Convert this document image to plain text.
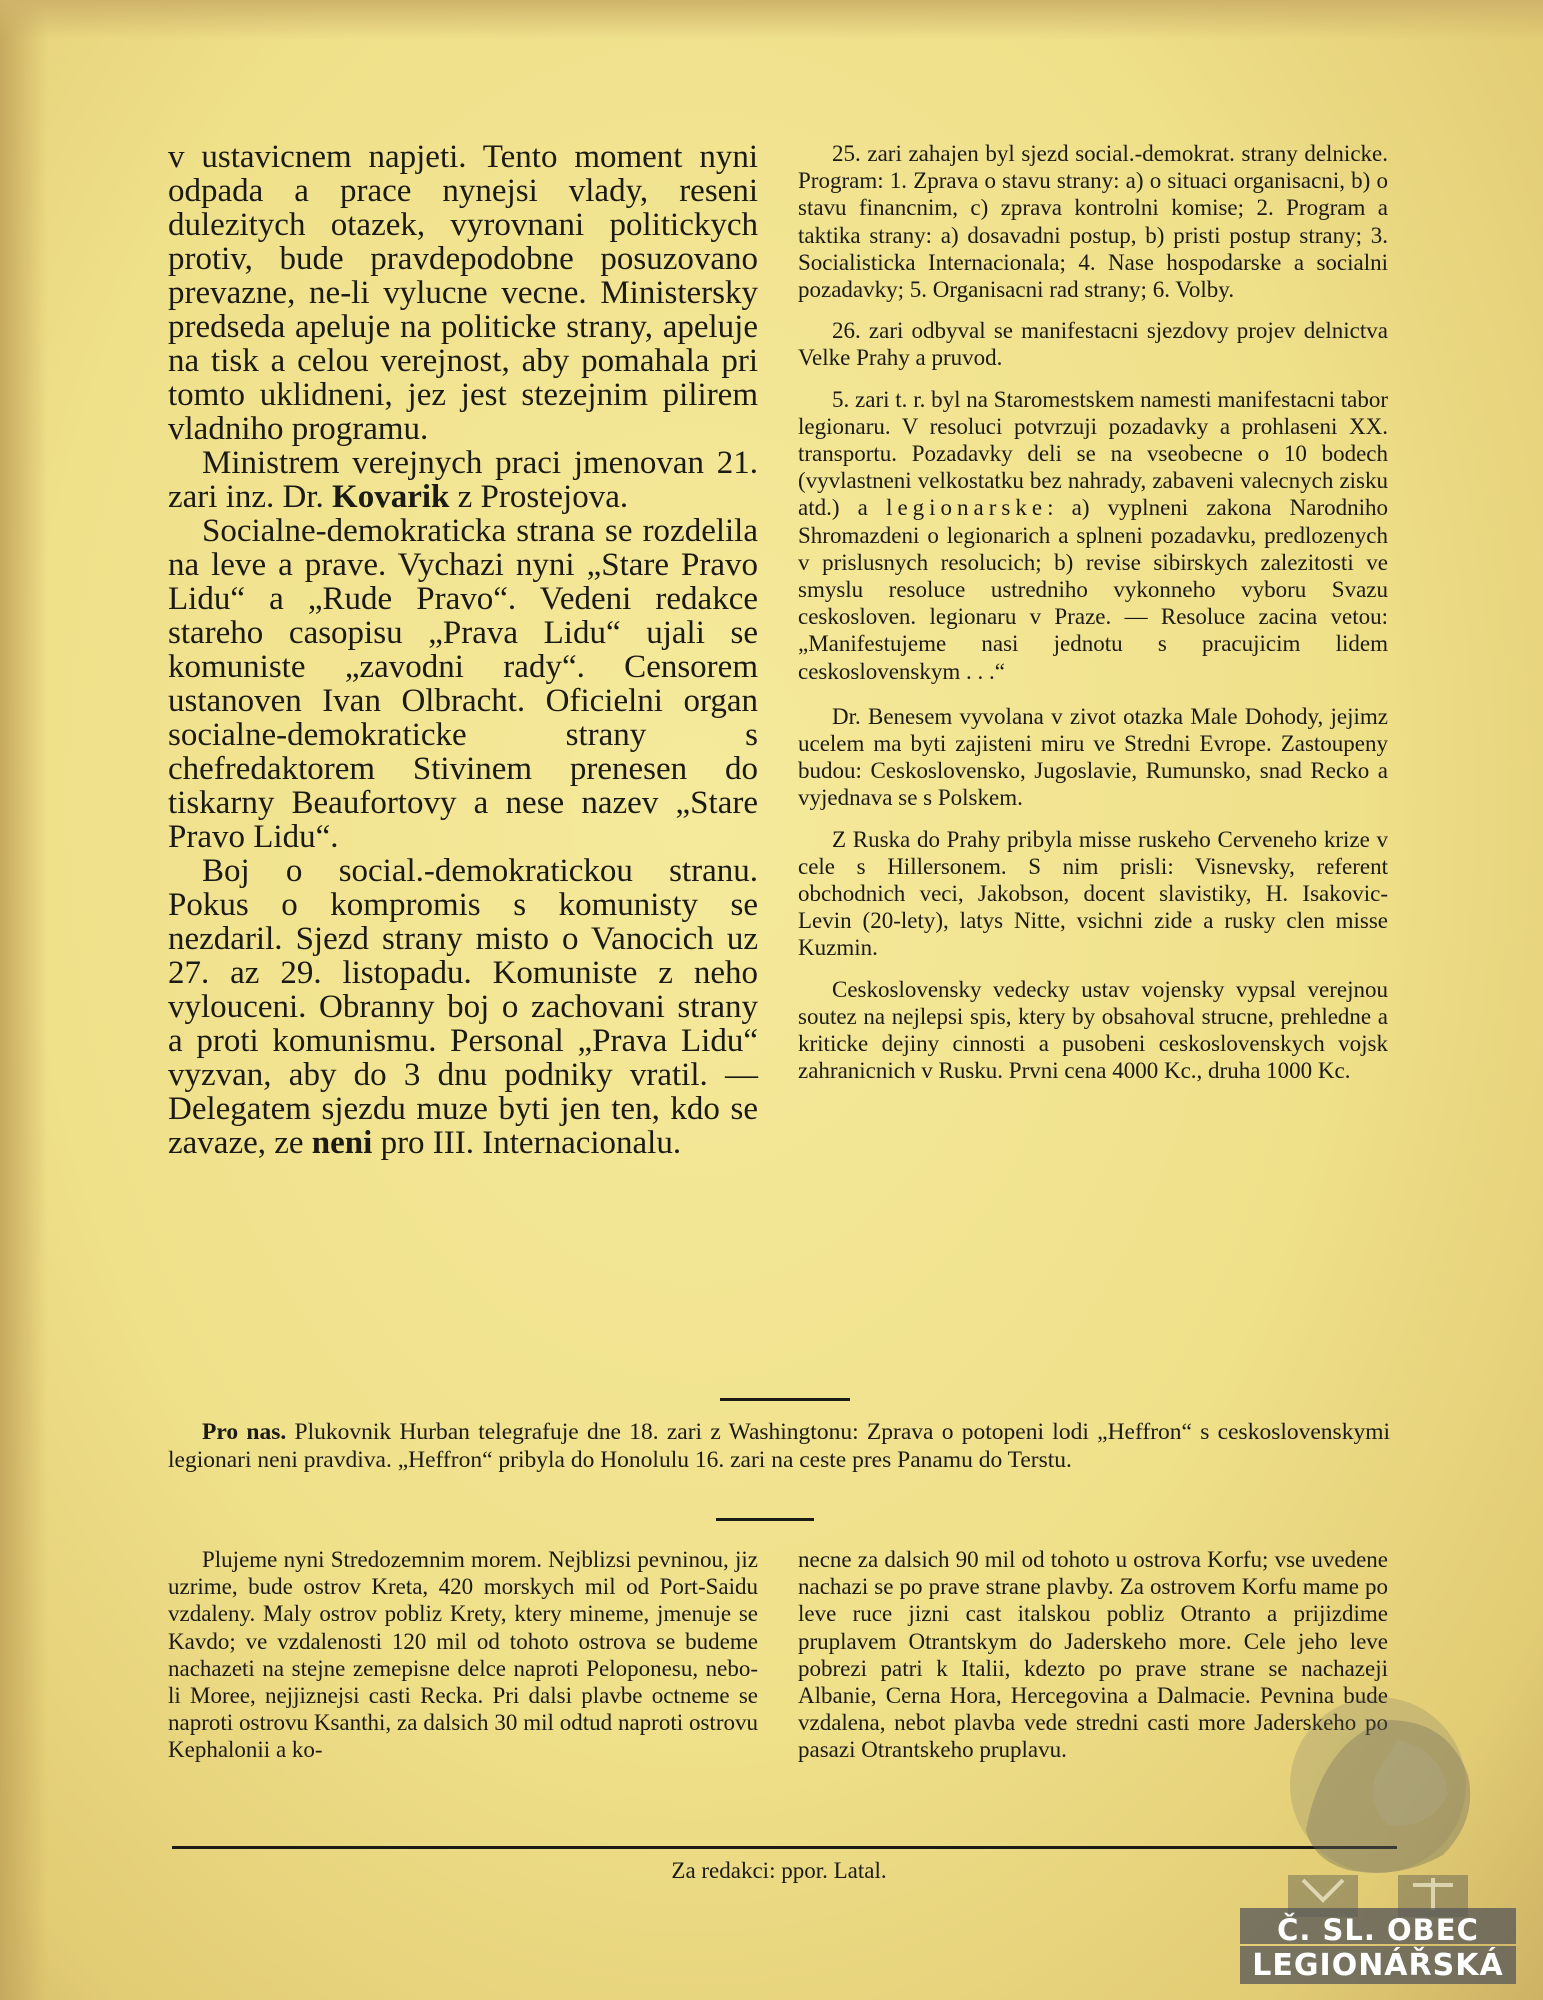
v ustavicnem napjeti. Tento moment nyni odpada a prace nynejsi vlady, reseni dulezitych otazek, vyrovnani politickych protiv, bude pravdepodobne posuzovano prevazne, ne-li vylucne vecne. Ministersky predseda apeluje na politicke strany, apeluje na tisk a celou verejnost, aby pomahala pri tomto uklidneni, jez jest stezejnim pilirem vladniho programu.

Ministrem verejnych praci jmenovan 21. zari inz. Dr. Kovarik z Prostejova.

Socialne-demokraticka strana se rozdelila na leve a prave. Vychazi nyni „Stare Pravo Lidu“ a „Rude Pravo“. Vedeni redakce stareho casopisu „Prava Lidu“ ujali se komuniste „zavodni rady“. Censorem ustanoven Ivan Olbracht. Oficielni organ socialne-demokraticke strany s chefredaktorem Stivinem prenesen do tiskarny Beaufortovy a nese nazev „Stare Pravo Lidu“.

Boj o social.-demokratickou stranu. Pokus o kompromis s komunisty se nezdaril. Sjezd strany misto o Vanocich uz 27. az 29. listopadu. Komuniste z neho vylouceni. Obranny boj o zachovani strany a proti komunismu. Personal „Prava Lidu“ vyzvan, aby do 3 dnu podniky vratil. — Delegatem sjezdu muze byti jen ten, kdo se zavaze, ze neni pro III. Internacionalu.

25. zari zahajen byl sjezd social.-demokrat. strany delnicke. Program: 1. Zprava o stavu strany: a) o situaci organisacni, b) o stavu financnim, c) zprava kontrolni komise; 2. Program a taktika strany: a) dosavadni postup, b) pristi postup strany; 3. Socialisticka Internacionala; 4. Nase hospodarske a socialni pozadavky; 5. Organisacni rad strany; 6. Volby.

26. zari odbyval se manifestacni sjezdovy projev delnictva Velke Prahy a pruvod.

5. zari t. r. byl na Staromestskem namesti manifestacni tabor legionaru. V resoluci potvrzuji pozadavky a prohlaseni XX. transportu. Pozadavky deli se na vseobecne o 10 bodech (vyvlastneni velkostatku bez nahrady, zabaveni valecnych zisku atd.) a legionarske: a) vyplneni zakona Narodniho Shromazdeni o legionarich a splneni pozadavku, predlozenych v prislusnych resolucich; b) revise sibirskych zalezitosti ve smyslu resoluce ustredniho vykonneho vyboru Svazu ceskosloven. legionaru v Praze. — Resoluce zacina vetou: „Manifestujeme nasi jednotu s pracujicim lidem ceskoslovenskym . . .“

Dr. Benesem vyvolana v zivot otazka Male Dohody, jejimz ucelem ma byti zajisteni miru ve Stredni Evrope. Zastoupeny budou: Ceskoslovensko, Jugoslavie, Rumunsko, snad Recko a vyjednava se s Polskem.

Z Ruska do Prahy pribyla misse ruskeho Cerveneho krize v cele s Hillersonem. S nim prisli: Visnevsky, referent obchodnich veci, Jakobson, docent slavistiky, H. Isakovic-Levin (20-lety), latys Nitte, vsichni zide a rusky clen misse Kuzmin.

Ceskoslovensky vedecky ustav vojensky vypsal verejnou soutez na nejlepsi spis, ktery by obsahoval strucne, prehledne a kriticke dejiny cinnosti a pusobeni ceskoslovenskych vojsk zahranicnich v Rusku. Prvni cena 4000 Kc., druha 1000 Kc.

Pro nas. Plukovnik Hurban telegrafuje dne 18. zari z Washingtonu: Zprava o potopeni lodi „Heffron“ s ceskoslovenskymi legionari neni pravdiva. „Heffron“ pribyla do Honolulu 16. zari na ceste pres Panamu do Terstu.

Plujeme nyni Stredozemnim morem. Nejblizsi pevninou, jiz uzrime, bude ostrov Kreta, 420 morskych mil od Port-Saidu vzdaleny. Maly ostrov pobliz Krety, ktery mineme, jmenuje se Kavdo; ve vzdalenosti 120 mil od tohoto ostrova se budeme nachazeti na stejne zemepisne delce naproti Peloponesu, nebo-li Moree, nejjiznejsi casti Recka. Pri dalsi plavbe octneme se naproti ostrovu Ksanthi, za dalsich 30 mil odtud naproti ostrovu Kephalonii a ko-

necne za dalsich 90 mil od tohoto u ostrova Korfu; vse uvedene nachazi se po prave strane plavby. Za ostrovem Korfu mame po leve ruce jizni cast italskou pobliz Otranto a prijizdime pruplavem Otrantskym do Jaderskeho more. Cele jeho leve pobrezi patri k Italii, kdezto po prave strane se nachazeji Albanie, Cerna Hora, Hercegovina a Dalmacie. Pevnina bude vzdalena, nebot plavba vede stredni casti more Jaderskeho po pasazi Otrantskeho pruplavu.

Za redakci: ppor. Latal.
Č. SL. OBEC
LEGIONÁŘSKÁ
